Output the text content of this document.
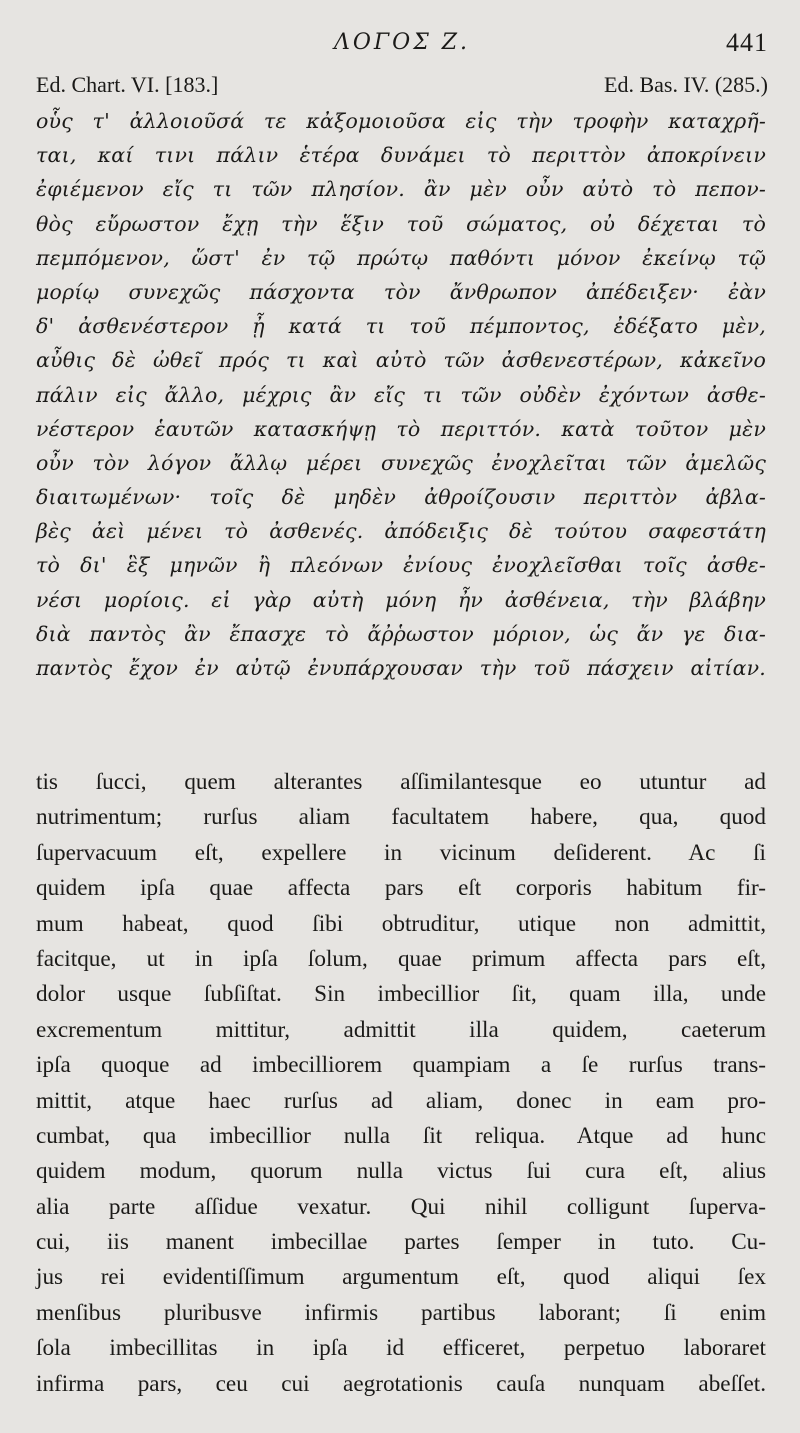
ΛΟΓΟΣ Ζ.	441
Ed. Chart. VI. [183.]	Ed. Bas. IV. (285.)
οὗς τ' ἀλλοιοῦσά τε κἀξομοιοῦσα εἰς τὴν τροφὴν καταχρῆ-
ται, καί τινι πάλιν ἑτέρα δυνάμει τὸ περιττὸν ἀποκρίνειν
ἐφιέμενον εἴς τι τῶν πλησίον. ἂν μὲν οὖν αὐτὸ τὸ πεπον-
θὸς εὔρωστον ἔχῃ τὴν ἕξιν τοῦ σώματος, οὐ δέχεται τὸ
πεμπόμενον, ὥστ' ἐν τῷ πρώτῳ παθόντι μόνον ἐκείνῳ τῷ
μορίῳ συνεχῶς πάσχοντα τὸν ἄνθρωπον ἀπέδειξεν· ἐὰν
δ' ἀσθενέστερον ᾖ κατά τι τοῦ πέμποντος, ἐδέξατο μὲν,
αὖθις δὲ ὠθεῖ πρός τι καὶ αὐτὸ τῶν ἀσθενεστέρων, κἀκεῖνο
πάλιν εἰς ἄλλο, μέχρις ἂν εἴς τι τῶν οὐδὲν ἐχόντων ἀσθε-
νέστερον ἑαυτῶν κατασκήψῃ τὸ περιττόν. κατὰ τοῦτον μὲν
οὖν τὸν λόγον ἄλλῳ μέρει συνεχῶς ἐνοχλεῖται τῶν ἀμελῶς
διαιτωμένων· τοῖς δὲ μηδὲν ἀθροίζουσιν περιττὸν ἀβλα-
βὲς ἀεὶ μένει τὸ ἀσθενές. ἀπόδειξις δὲ τούτου σαφεστάτη
τὸ δι' ἓξ μηνῶν ἢ πλεόνων ἐνίους ἐνοχλεῖσθαι τοῖς ἀσθε-
νέσι μορίοις. εἰ γὰρ αὐτὴ μόνη ἦν ἀσθένεια, τὴν βλάβην
διὰ παντὸς ἂν ἔπασχε τὸ ἄῤῥωστον μόριον, ὡς ἄν γε δια-
παντὸς ἔχον ἐν αὐτῷ ἐνυπάρχουσαν τὴν τοῦ πάσχειν αἰτίαν.
tis ſucci, quem alterantes aſſimilantesque eo utuntur ad
nutrimentum; rurſus aliam facultatem habere, qua, quod
ſupervacuum eſt, expellere in vicinum deſiderent. Ac ſi
quidem ipſa quae affecta pars eſt corporis habitum fir-
mum habeat, quod ſibi obtruditur, utique non admittit,
facitque, ut in ipſa ſolum, quae primum affecta pars eſt,
dolor usque ſubſiſtat. Sin imbecillior ſit, quam illa, unde
excrementum mittitur, admittit illa quidem, caeterum
ipſa quoque ad imbecilliorem quampiam a ſe rurſus trans-
mittit, atque haec rurſus ad aliam, donec in eam pro-
cumbat, qua imbecillior nulla ſit reliqua. Atque ad hunc
quidem modum, quorum nulla victus ſui cura eſt, alius
alia parte aſſidue vexatur. Qui nihil colligunt ſuperva-
cui, iis manent imbecillae partes ſemper in tuto. Cu-
jus rei evidentiſſimum argumentum eſt, quod aliqui ſex
menſibus pluribusve infirmis partibus laborant; ſi enim
ſola imbecillitas in ipſa id efficeret, perpetuo laboraret
infirma pars, ceu cui aegrotationis cauſa nunquam abeſſet.
